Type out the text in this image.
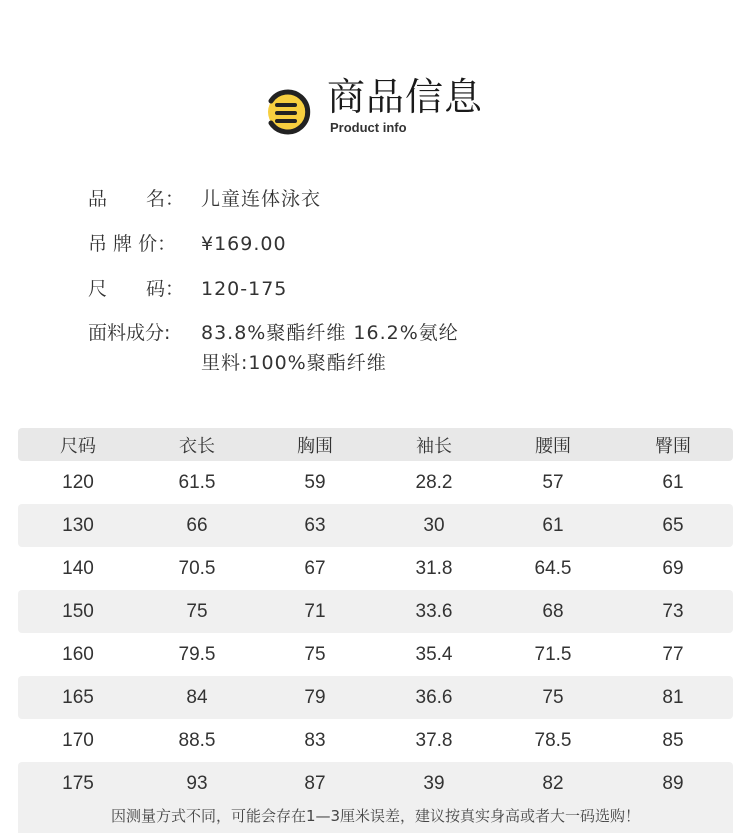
商品信息
Product info
品 名： 儿童连体泳衣
吊 牌 价： ¥169.00
尺 码： 120-175
面料成分: 83.8%聚酯纤维 16.2%氨纶
里料:100%聚酯纤维
尺码	衣长	胸围	袖长	腰围	臀围
120	61.5	59	28.2	57	61
130	66	63	30	61	65
140	70.5	67	31.8	64.5	69
150	75	71	33.6	68	73
160	79.5	75	35.4	71.5	77
165	84	79	36.6	75	81
170	88.5	83	37.8	78.5	85
175	93	87	39	82	89
因测量方式不同，可能会存在1—3厘米误差，建议按真实身高或者大一码选购！
